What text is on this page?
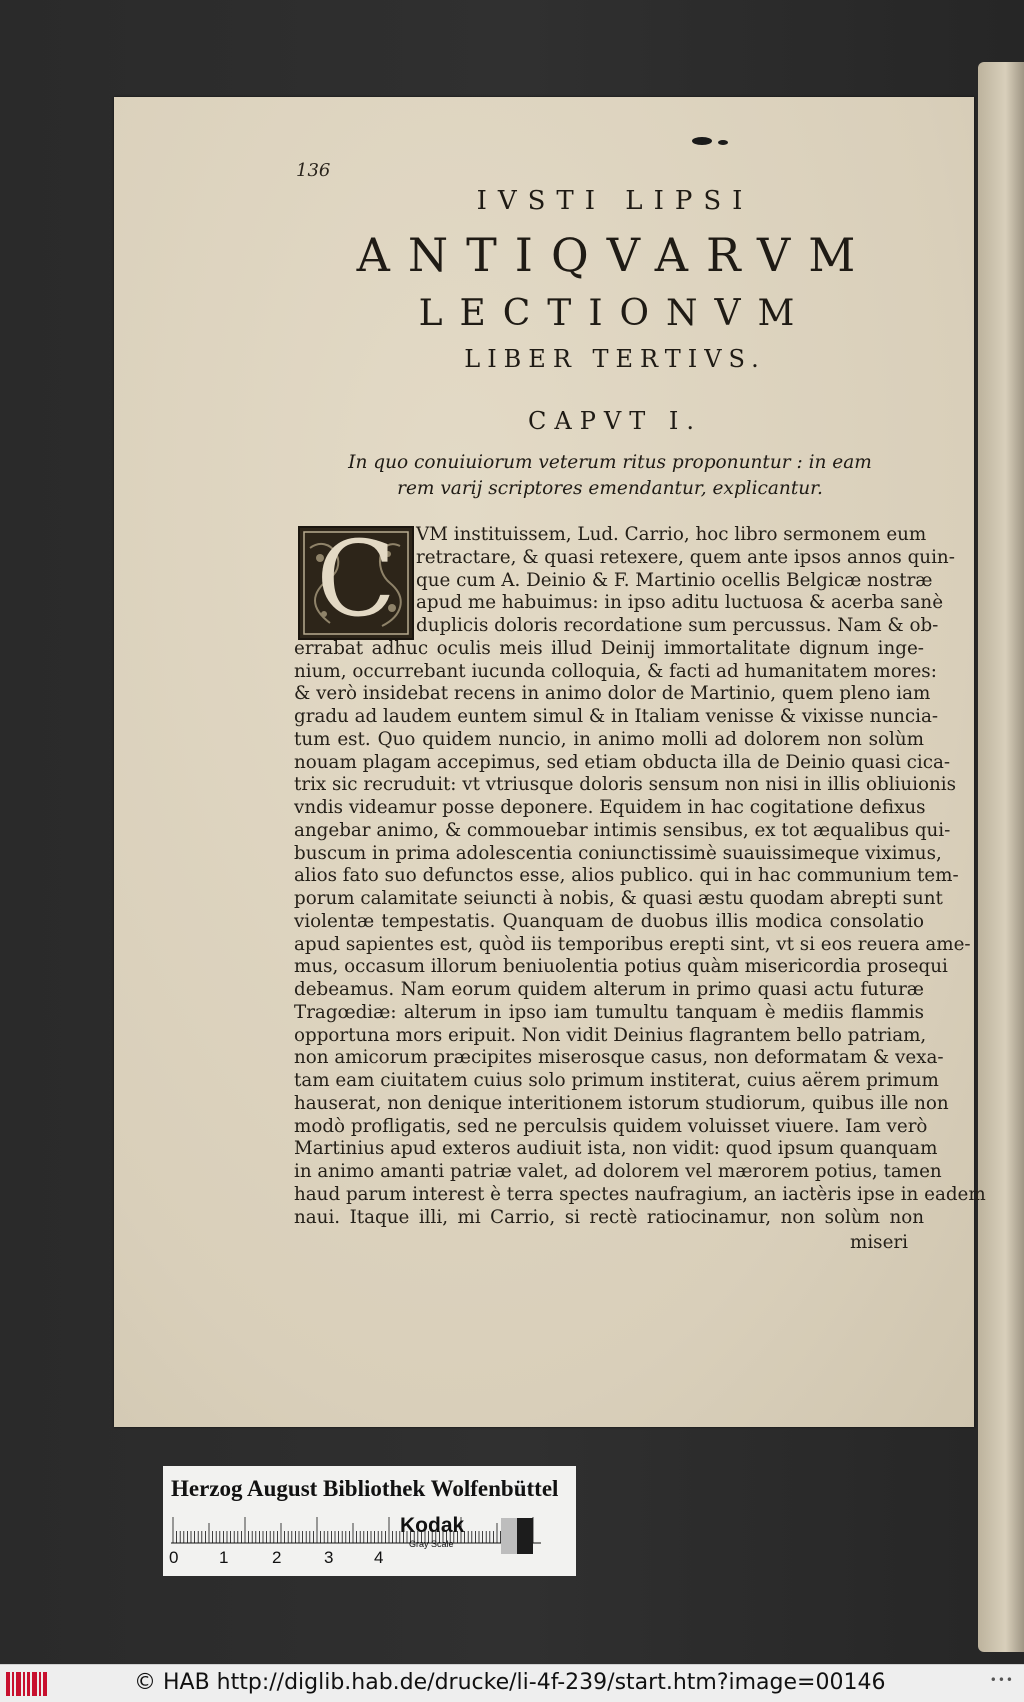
136
IVSTI LIPSI
ANTIQVARVM
LECTIONVM
LIBER TERTIVS.
CAPVT I.
In quo conuiuiorum veterum ritus proponuntur : in eam
rem varij scriptores emendantur, explicantur.
C	VM instituissem, Lud. Carrio, hoc libro sermonem eum
retractare, & quasi retexere, quem ante ipsos annos quin-
que cum A. Deinio & F. Martinio ocellis Belgicæ nostræ
apud me habuimus: in ipso aditu luctuosa & acerba sanè
duplicis doloris recordatione sum percussus. Nam & ob-
errabat adhuc oculis meis illud Deinij immortalitate dignum inge-
nium, occurrebant iucunda colloquia, & facti ad humanitatem mores:
& verò insidebat recens in animo dolor de Martinio, quem pleno iam
gradu ad laudem euntem simul & in Italiam venisse & vixisse nuncia-
tum est. Quo quidem nuncio, in animo molli ad dolorem non solùm
nouam plagam accepimus, sed etiam obducta illa de Deinio quasi cica-
trix sic recruduit: vt vtriusque doloris sensum non nisi in illis obliuionis
vndis videamur posse deponere. Equidem in hac cogitatione defixus
angebar animo, & commouebar intimis sensibus, ex tot æqualibus qui-
buscum in prima adolescentia coniunctissimè suauissimeque viximus,
alios fato suo defunctos esse, alios publico. qui in hac communium tem-
porum calamitate seiuncti à nobis, & quasi æstu quodam abrepti sunt
violentæ tempestatis. Quanquam de duobus illis modica consolatio
apud sapientes est, quòd iis temporibus erepti sint, vt si eos reuera ame-
mus, occasum illorum beniuolentia potius quàm misericordia prosequi
debeamus. Nam eorum quidem alterum in primo quasi actu futuræ
Tragœdiæ: alterum in ipso iam tumultu tanquam è mediis flammis
opportuna mors eripuit. Non vidit Deinius flagrantem bello patriam,
non amicorum præcipites miserosque casus, non deformatam & vexa-
tam eam ciuitatem cuius solo primum institerat, cuius aërem primum
hauserat, non denique interitionem istorum studiorum, quibus ille non
modò profligatis, sed ne perculsis quidem voluisset viuere. Iam verò
Martinius apud exteros audiuit ista, non vidit: quod ipsum quanquam
in animo amanti patriæ valet, ad dolorem vel mærorem potius, tamen
haud parum interest è terra spectes naufragium, an iactèris ipse in eadem
naui. Itaque illi, mi Carrio, si rectè ratiocinamur, non solùm non
miseri
Herzog August Bibliothek Wolfenbüttel
0 1	2	3 4
Kodak
Gray Scale
© HAB http://diglib.hab.de/drucke/li-4f-239/start.htm?image=00146	•••
